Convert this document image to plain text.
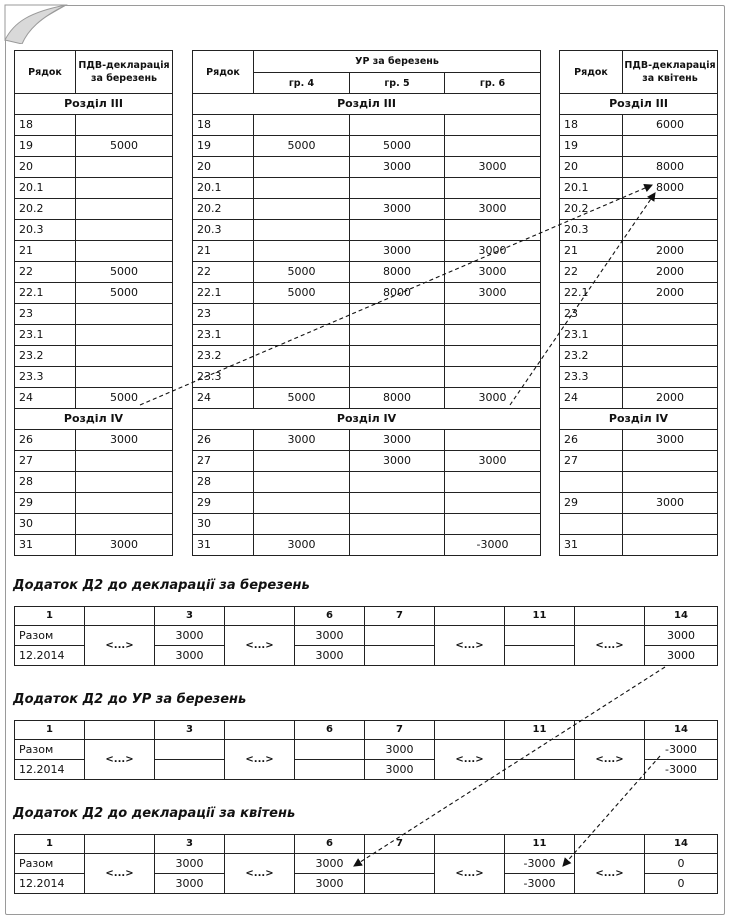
Рядок	ПДВ-декларація за березень
Розділ III	
18	
19	5000
20	
20.1	
20.2	
20.3	
21	
22	5000
22.1	5000
23	
23.1	
23.2	
23.3	
24	5000
Розділ IV	
26	3000
27	
28	
29	
30	
31	3000
Рядок	УР за березень		
	гр. 4	гр. 5	гр. 6
Розділ III			
18			
19	5000	5000	
20		3000	3000
20.1			
20.2		3000	3000
20.3			
21		3000	3000
22	5000	8000	3000
22.1	5000	8000	3000
23			
23.1			
23.2			
23.3			
24	5000	8000	3000
Розділ IV			
26	3000	3000	
27		3000	3000
28			
29			
30			
31	3000		-3000
Рядок	ПДВ-декларація за квітень
Розділ III	
18	6000
19	
20	8000
20.1	8000
20.2	
20.3	
21	2000
22	2000
22.1	2000
23	
23.1	
23.2	
23.3	
24	2000
Розділ IV	
26	3000
27	

29	3000

31	
Додаток Д2 до декларації за березень
Додаток Д2 до УР за березень
Додаток Д2 до декларації за квітень
1		3		6	7		11		14
Разом	<...>	3000	<...>	3000		<...>		<...>	3000
12.2014		3000		3000					3000
1		3		6	7		11		14
Разом	<...>		<...>		3000	<...>		<...>	-3000
12.2014					3000				-3000
1		3		6	7		11		14
Разом	<...>	3000	<...>	3000		<...>	-3000	<...>	0
12.2014		3000		3000			-3000		0
